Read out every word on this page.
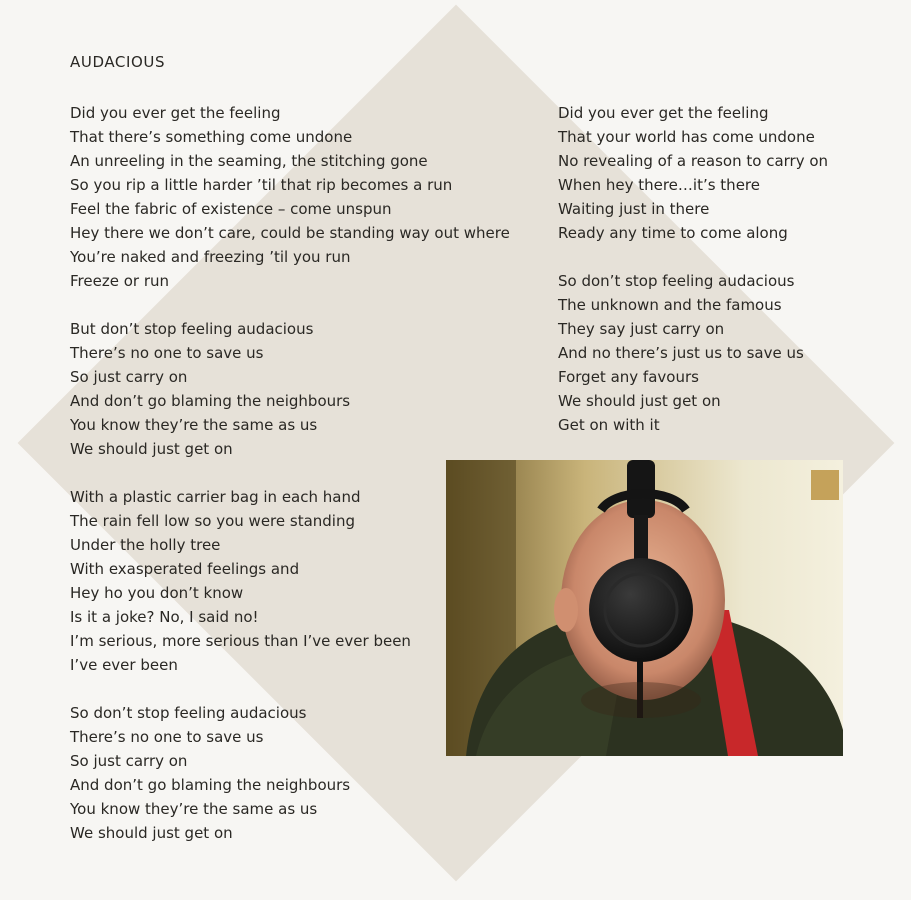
AUDACIOUS
Did you ever get the feeling
That there’s something come undone
An unreeling in the seaming, the stitching gone
So you rip a little harder ’til that rip becomes a run
Feel the fabric of existence – come unspun
Hey there we don’t care, could be standing way out where
You’re naked and freezing ’til you run
Freeze or run
But don’t stop feeling audacious
There’s no one to save us
So just carry on
And don’t go blaming the neighbours
You know they’re the same as us
We should just get on
With a plastic carrier bag in each hand
The rain fell low so you were standing
Under the holly tree
With exasperated feelings and
Hey ho you don’t know
Is it a joke? No, I said no!
I’m serious, more serious than I’ve ever been
I’ve ever been
So don’t stop feeling audacious
There’s no one to save us
So just carry on
And don’t go blaming the neighbours
You know they’re the same as us
We should just get on
Did you ever get the feeling
That your world has come undone
No revealing of a reason to carry on
When hey there…it’s there
Waiting just in there
Ready any time to come along
So don’t stop feeling audacious
The unknown and the famous
They say just carry on
And no there’s just us to save us
Forget any favours
We should just get on
Get on with it
